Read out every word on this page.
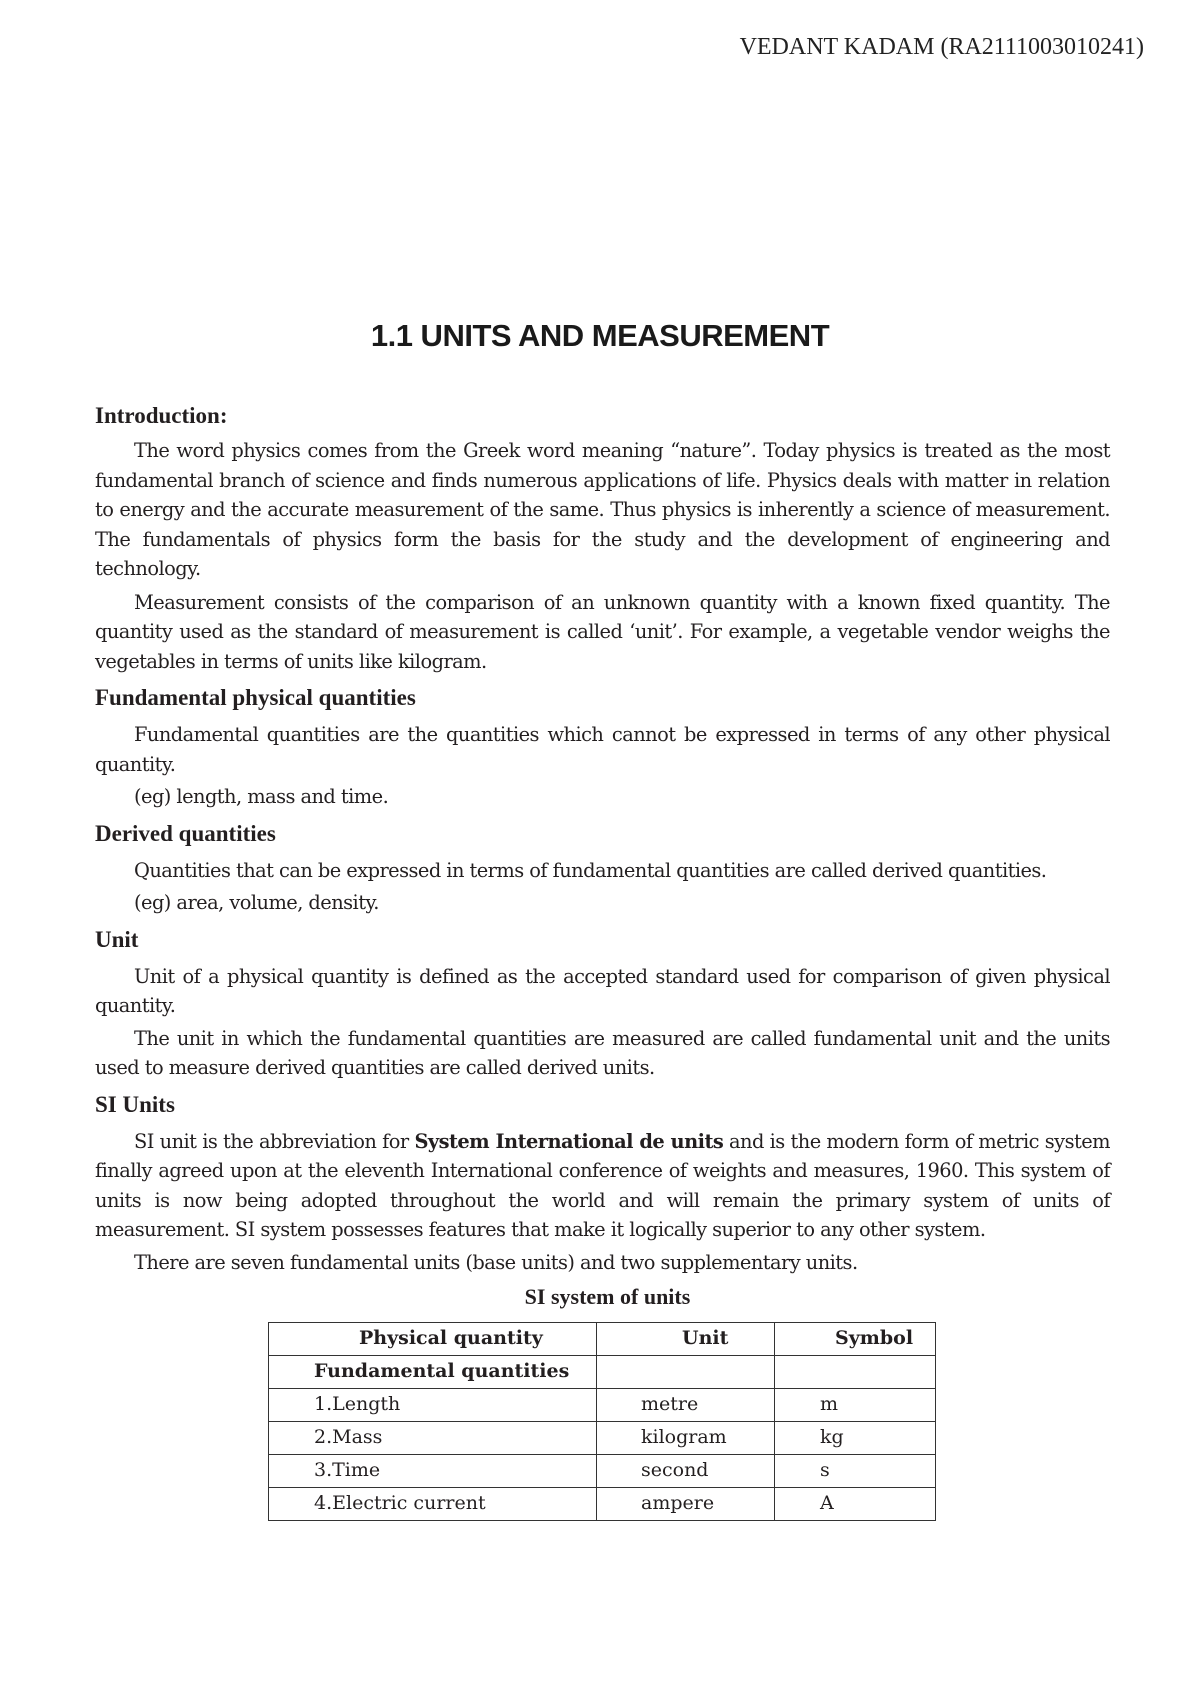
VEDANT KADAM (RA2111003010241)
1.1 UNITS AND MEASUREMENT

Introduction:

The word physics comes from the Greek word meaning “nature”. Today physics is treated as the most fundamental branch of science and finds numerous applications of life. Physics deals with matter in relation to energy and the accurate measurement of the same. Thus physics is inherently a science of measurement. The fundamentals of physics form the basis for the study and the development of engineering and technology.

Measurement consists of the comparison of an unknown quantity with a known fixed quantity. The quantity used as the standard of measurement is called ‘unit’. For example, a vegetable vendor weighs the vegetables in terms of units like kilogram.

Fundamental physical quantities

Fundamental quantities are the quantities which cannot be expressed in terms of any other physical quantity.

(eg) length, mass and time.

Derived quantities

Quantities that can be expressed in terms of fundamental quantities are called derived quantities.

(eg) area, volume, density.

Unit

Unit of a physical quantity is defined as the accepted standard used for comparison of given physical quantity.

The unit in which the fundamental quantities are measured are called fundamental unit and the units used to measure derived quantities are called derived units.

SI Units

SI unit is the abbreviation for System International de units and is the modern form of metric system finally agreed upon at the eleventh International conference of weights and measures, 1960. This system of units is now being adopted throughout the world and will remain the primary system of units of measurement. SI system possesses features that make it logically superior to any other system.

There are seven fundamental units (base units) and two supplementary units.

SI system of units

Physical quantity	Unit	Symbol
Fundamental quantities		
1.Length	metre	m
2.Mass	kilogram	kg
3.Time	second	s
4.Electric current	ampere	A
